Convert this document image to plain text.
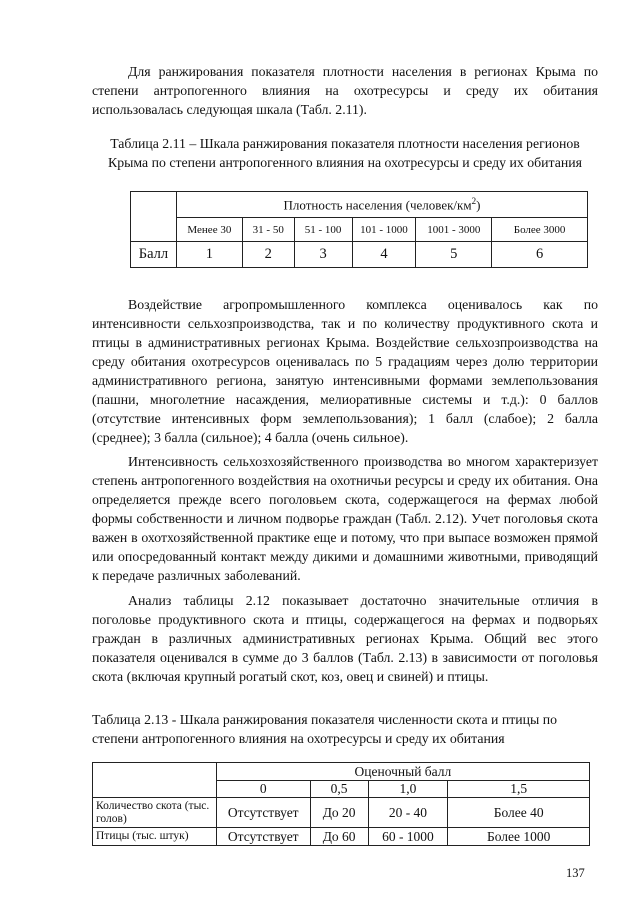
Для ранжирования показателя плотности населения в регионах Крыма по степени антропогенного влияния на охотресурсы и среду их обитания использовалась следующая шкала (Табл. 2.11).

Таблица 2.11 – Шкала ранжирования показателя плотности населения регионов Крыма по степени антропогенного влияния на охотресурсы и среду их обитания

	Плотность населения $(человек/км^2)$					
	Менее 30	31 - 50	51 - 100	101 - 1000	1001 - 3000	Более 3000
Балл	1	2	3	4	5	6

Воздействие агропромышленного комплекса оценивалось как по интенсивности сельхозпроизводства, так и по количеству продуктивного скота и птицы в административных регионах Крыма. Воздействие сельхозпроизводства на среду обитания охотресурсов оценивалась по 5 градациям через долю территории административного региона, занятую интенсивными формами землепользования (пашни, многолетние насаждения, мелиоративные системы и т.д.): 0 баллов (отсутствие интенсивных форм землепользования); 1 балл (слабое); 2 балла (среднее); 3 балла (сильное); 4 балла (очень сильное).

Интенсивность сельхозхозяйственного производства во многом характеризует степень антропогенного воздействия на охотничьи ресурсы и среду их обитания. Она определяется прежде всего поголовьем скота, содержащегося на фермах любой формы собственности и личном подворье граждан (Табл. 2.12). Учет поголовья скота важен в охотхозяйственной практике еще и потому, что при выпасе возможен прямой или опосредованный контакт между дикими и домашними животными, приводящий к передаче различных заболеваний.

Анализ таблицы 2.12 показывает достаточно значительные отличия в поголовье продуктивного скота и птицы, содержащегося на фермах и подворьях граждан в различных административных регионах Крыма. Общий вес этого показателя оценивался в сумме до 3 баллов (Табл. 2.13) в зависимости от поголовья скота (включая крупный рогатый скот, коз, овец и свиней) и птицы.

Таблица 2.13 - Шкала ранжирования показателя численности скота и птицы по степени антропогенного влияния на охотресурсы и среду их обитания

	Оценочный балл			
	0	0,5	1,0	1,5
Количество скота (тыс. голов)	Отсутствует	До 20	20 - 40	Более 40
Птицы (тыс. штук)	Отсутствует	До 60	60 - 1000	Более 1000
137
